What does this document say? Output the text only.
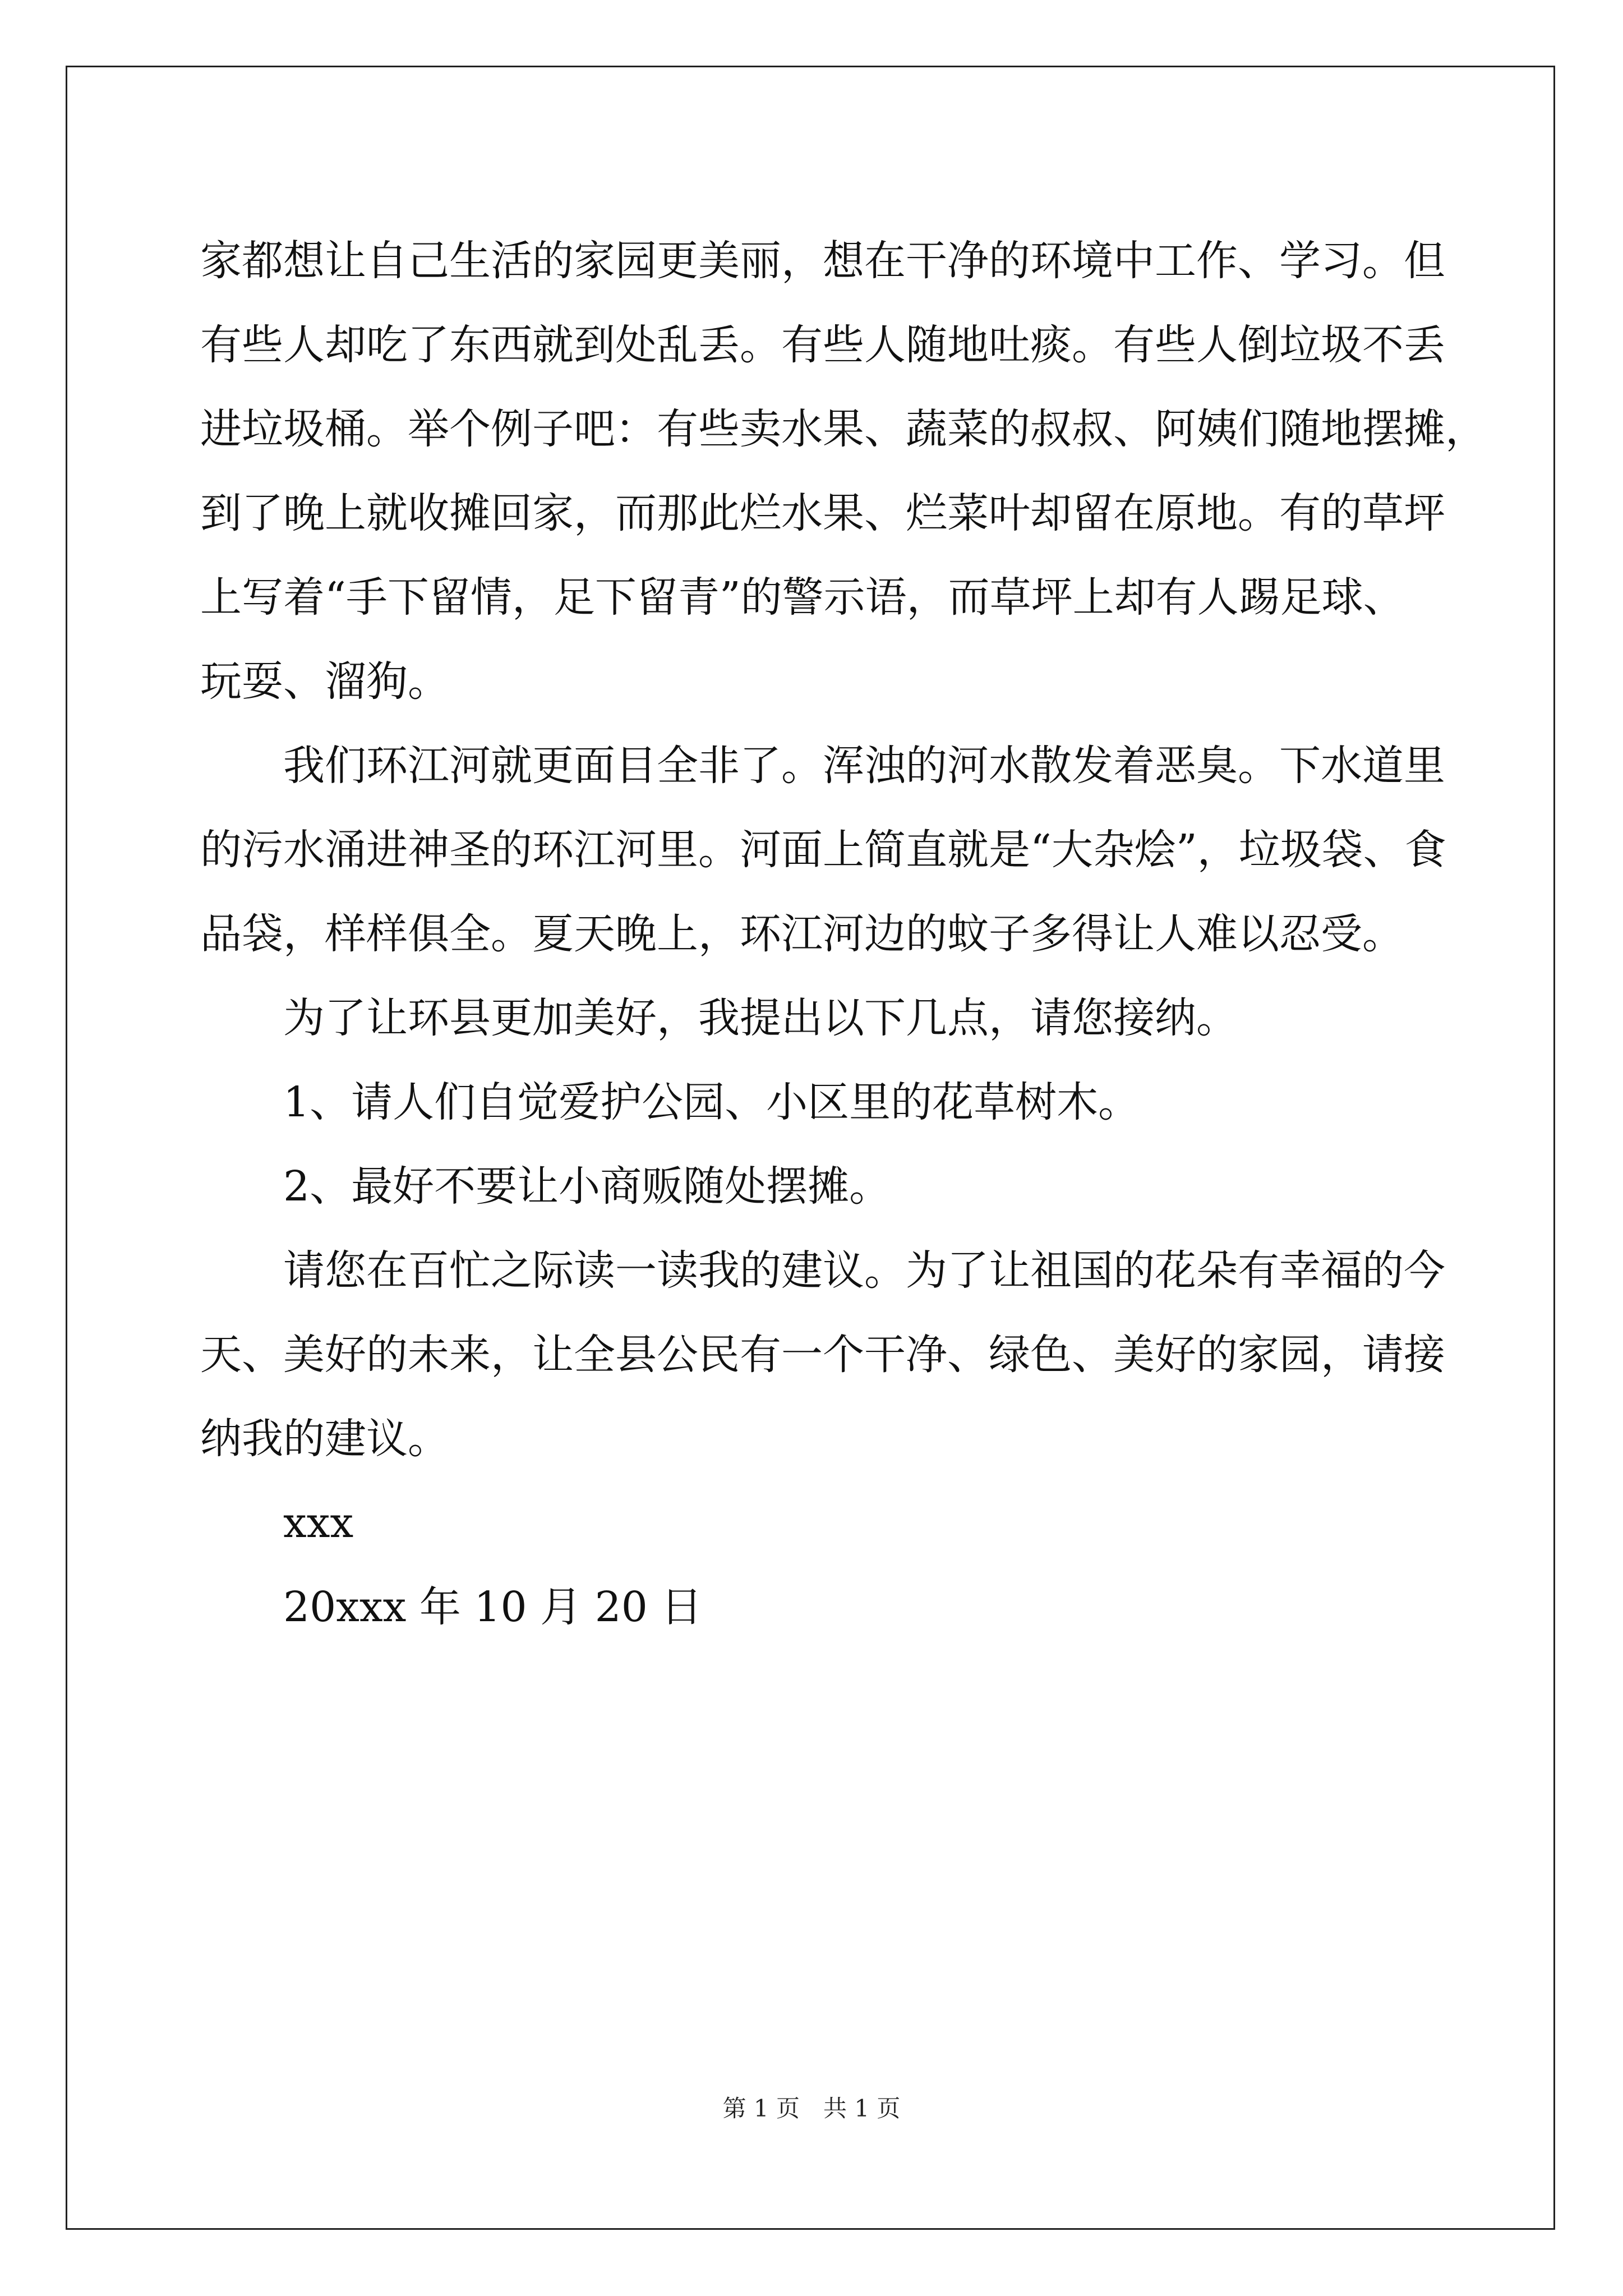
家都想让自己生活的家园更美丽，想在干净的环境中工作、学习。但
有些人却吃了东西就到处乱丢。有些人随地吐痰。有些人倒垃圾不丢
进垃圾桶。举个例子吧：有些卖水果、蔬菜的叔叔、阿姨们随地摆摊，
到了晚上就收摊回家，而那此烂水果、烂菜叶却留在原地。有的草坪
上写着“手下留情，足下留青”的警示语，而草坪上却有人踢足球、
玩耍、溜狗。
　　我们环江河就更面目全非了。浑浊的河水散发着恶臭。下水道里
的污水涌进神圣的环江河里。河面上简直就是“大杂烩”，垃圾袋、食
品袋，样样俱全。夏天晚上，环江河边的蚊子多得让人难以忍受。
　　为了让环县更加美好，我提出以下几点，请您接纳。
　　1、请人们自觉爱护公园、小区里的花草树木。
　　2、最好不要让小商贩随处摆摊。
　　请您在百忙之际读一读我的建议。为了让祖国的花朵有幸福的今
天、美好的未来，让全县公民有一个干净、绿色、美好的家园，请接
纳我的建议。
　　xxx
　　20xxx 年 10 月 20 日
第 1 页　共 1 页
